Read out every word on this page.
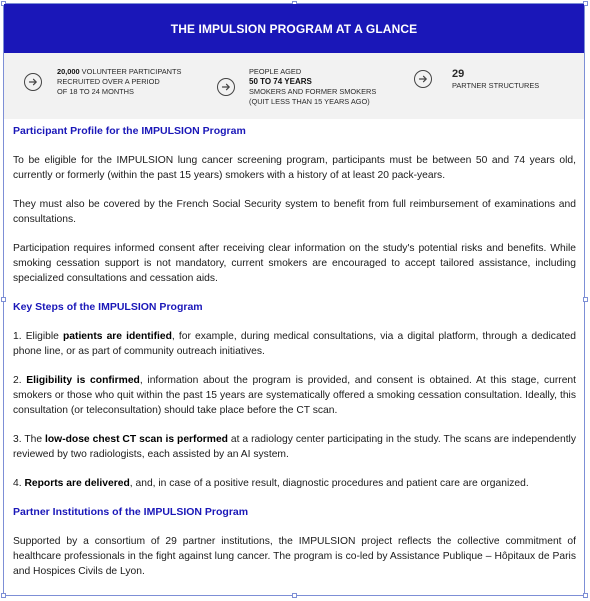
THE IMPULSION PROGRAM AT A GLANCE
20,000 VOLUNTEER PARTICIPANTS
RECRUITED OVER A PERIOD
OF 18 TO 24 MONTHS
PEOPLE AGED
50 TO 74 YEARS
SMOKERS AND FORMER SMOKERS
(QUIT LESS THAN 15 YEARS AGO)
29
PARTNER STRUCTURES
Participant Profile for the IMPULSION Program

To be eligible for the IMPULSION lung cancer screening program, participants must be between 50 and 74 years old, currently or formerly (within the past 15 years) smokers with a history of at least 20 pack-years.

They must also be covered by the French Social Security system to benefit from full reimbursement of examinations and consultations.

Participation requires informed consent after receiving clear information on the study's potential risks and benefits. While smoking cessation support is not mandatory, current smokers are encouraged to accept tailored assistance, including specialized consultations and cessation aids.

Key Steps of the IMPULSION Program

1. Eligible patients are identified, for example, during medical consultations, via a digital platform, through a dedicated phone line, or as part of community outreach initiatives.

2. Eligibility is confirmed, information about the program is provided, and consent is obtained. At this stage, current smokers or those who quit within the past 15 years are systematically offered a smoking cessation consultation. Ideally, this consultation (or teleconsultation) should take place before the CT scan.

3. The low-dose chest CT scan is performed at a radiology center participating in the study. The scans are independently reviewed by two radiologists, each assisted by an AI system.

4. Reports are delivered, and, in case of a positive result, diagnostic procedures and patient care are organized.

Partner Institutions of the IMPULSION Program

Supported by a consortium of 29 partner institutions, the IMPULSION project reflects the collective commitment of healthcare professionals in the fight against lung cancer. The program is co-led by Assistance Publique – Hôpitaux de Paris and Hospices Civils de Lyon.
